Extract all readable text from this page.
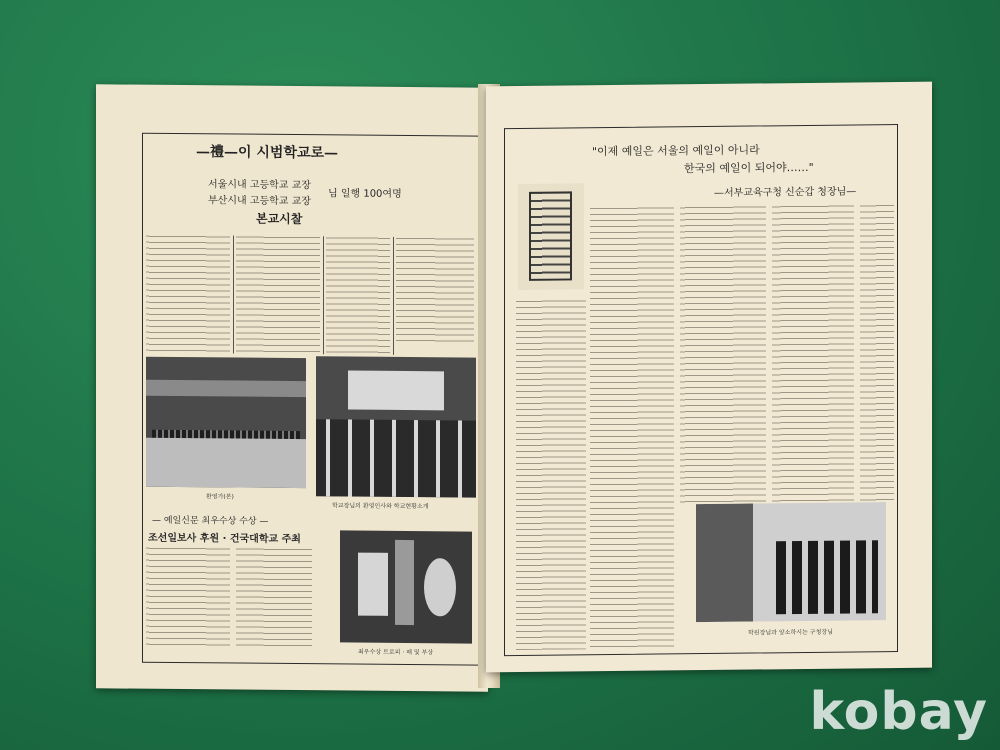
—禮—이 시범학교로—
서울시내 고등학교 교장
부산시내 고등학교 교장
님 일행 100여명
본교시찰
환영가(본)
학교장님의 환영인사와 학교현황소개
— 예일신문 최우수상 수상 —
조선일보사 후원 · 건국대학교 주최
최우수상 트로피 · 패 및 부상
"이제 예일은 서울의 예일이 아니라
한국의 예일이 되어야……"
—서부교육구청 신순갑 청장님—
학원장님과 앞소하시는 구청장님
kobay
